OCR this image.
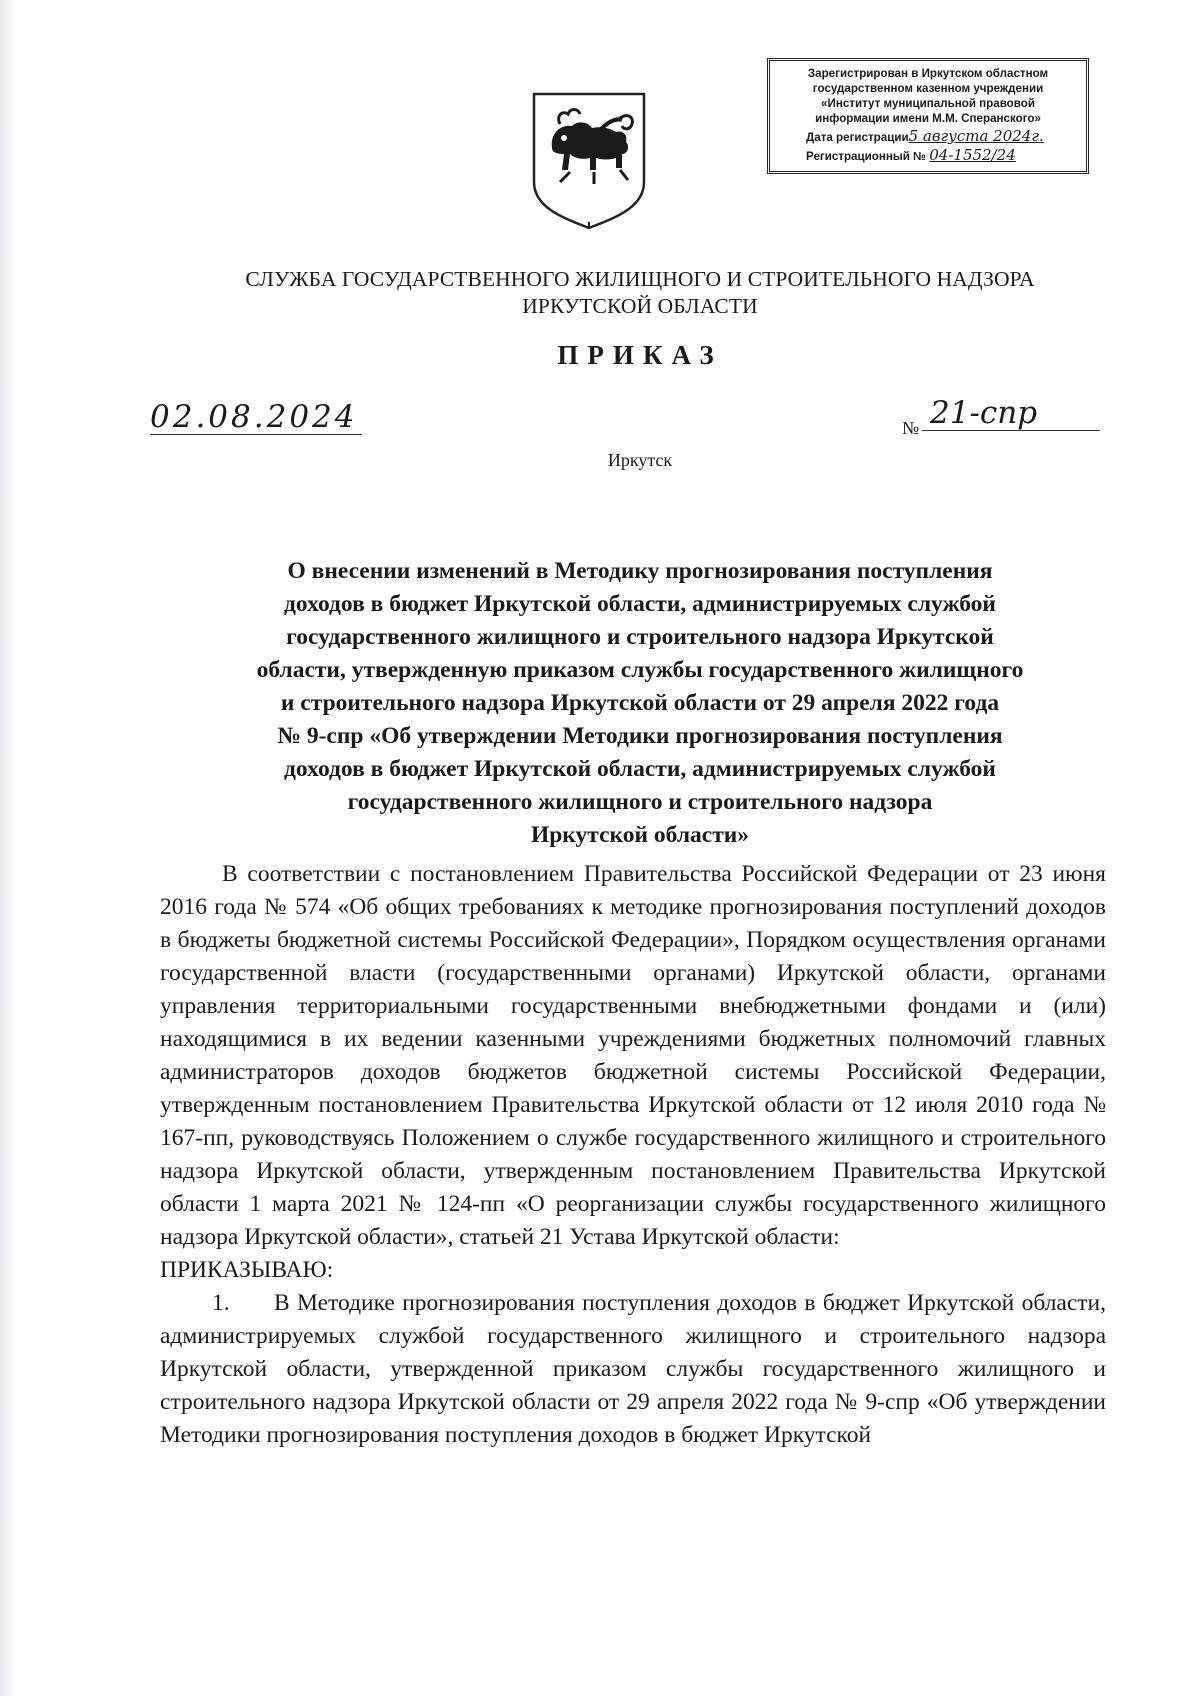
Зарегистрирован в Иркутском областном
государственном казенном учреждении
«Институт муниципальной правовой
информации имени М.М. Сперанского»
Дата регистрации5 августа 2024г.
Регистрационный № 04-1552/24
СЛУЖБА ГОСУДАРСТВЕННОГО ЖИЛИЩНОГО И СТРОИТЕЛЬНОГО НАДЗОРА
ИРКУТСКОЙ ОБЛАСТИ
ПРИКАЗ
02.08.2024	№ 21-спр
Иркутск
О внесении изменений в Методику прогнозирования поступления
доходов в бюджет Иркутской области, администрируемых службой
государственного жилищного и строительного надзора Иркутской
области, утвержденную приказом службы государственного жилищного
и строительного надзора Иркутской области от 29 апреля 2022 года
№ 9-спр «Об утверждении Методики прогнозирования поступления
доходов в бюджет Иркутской области, администрируемых службой
государственного жилищного и строительного надзора
Иркутской области»

В соответствии с постановлением Правительства Российской Федерации от 23 июня 2016 года № 574 «Об общих требованиях к методике прогнозирования поступлений доходов в бюджеты бюджетной системы Российской Федерации», Порядком осуществления органами государственной власти (государственными органами) Иркутской области, органами управления территориальными государственными внебюджетными фондами и (или) находящимися в их ведении казенными учреждениями бюджетных полномочий главных администраторов доходов бюджетов бюджетной системы Российской Федерации, утвержденным постановлением Правительства Иркутской области от 12 июля 2010 года № 167-пп, руководствуясь Положением о службе государственного жилищного и строительного надзора Иркутской области, утвержденным постановлением Правительства Иркутской области 1 марта 2021 № 124-пп «О реорганизации службы государственного жилищного надзора Иркутской области», статьей 21 Устава Иркутской области:

ПРИКАЗЫВАЮ:

1. В Методике прогнозирования поступления доходов в бюджет Иркутской области, администрируемых службой государственного жилищного и строительного надзора Иркутской области, утвержденной приказом службы государственного жилищного и строительного надзора Иркутской области от 29 апреля 2022 года № 9-спр «Об утверждении Методики прогнозирования поступления доходов в бюджет Иркутской
